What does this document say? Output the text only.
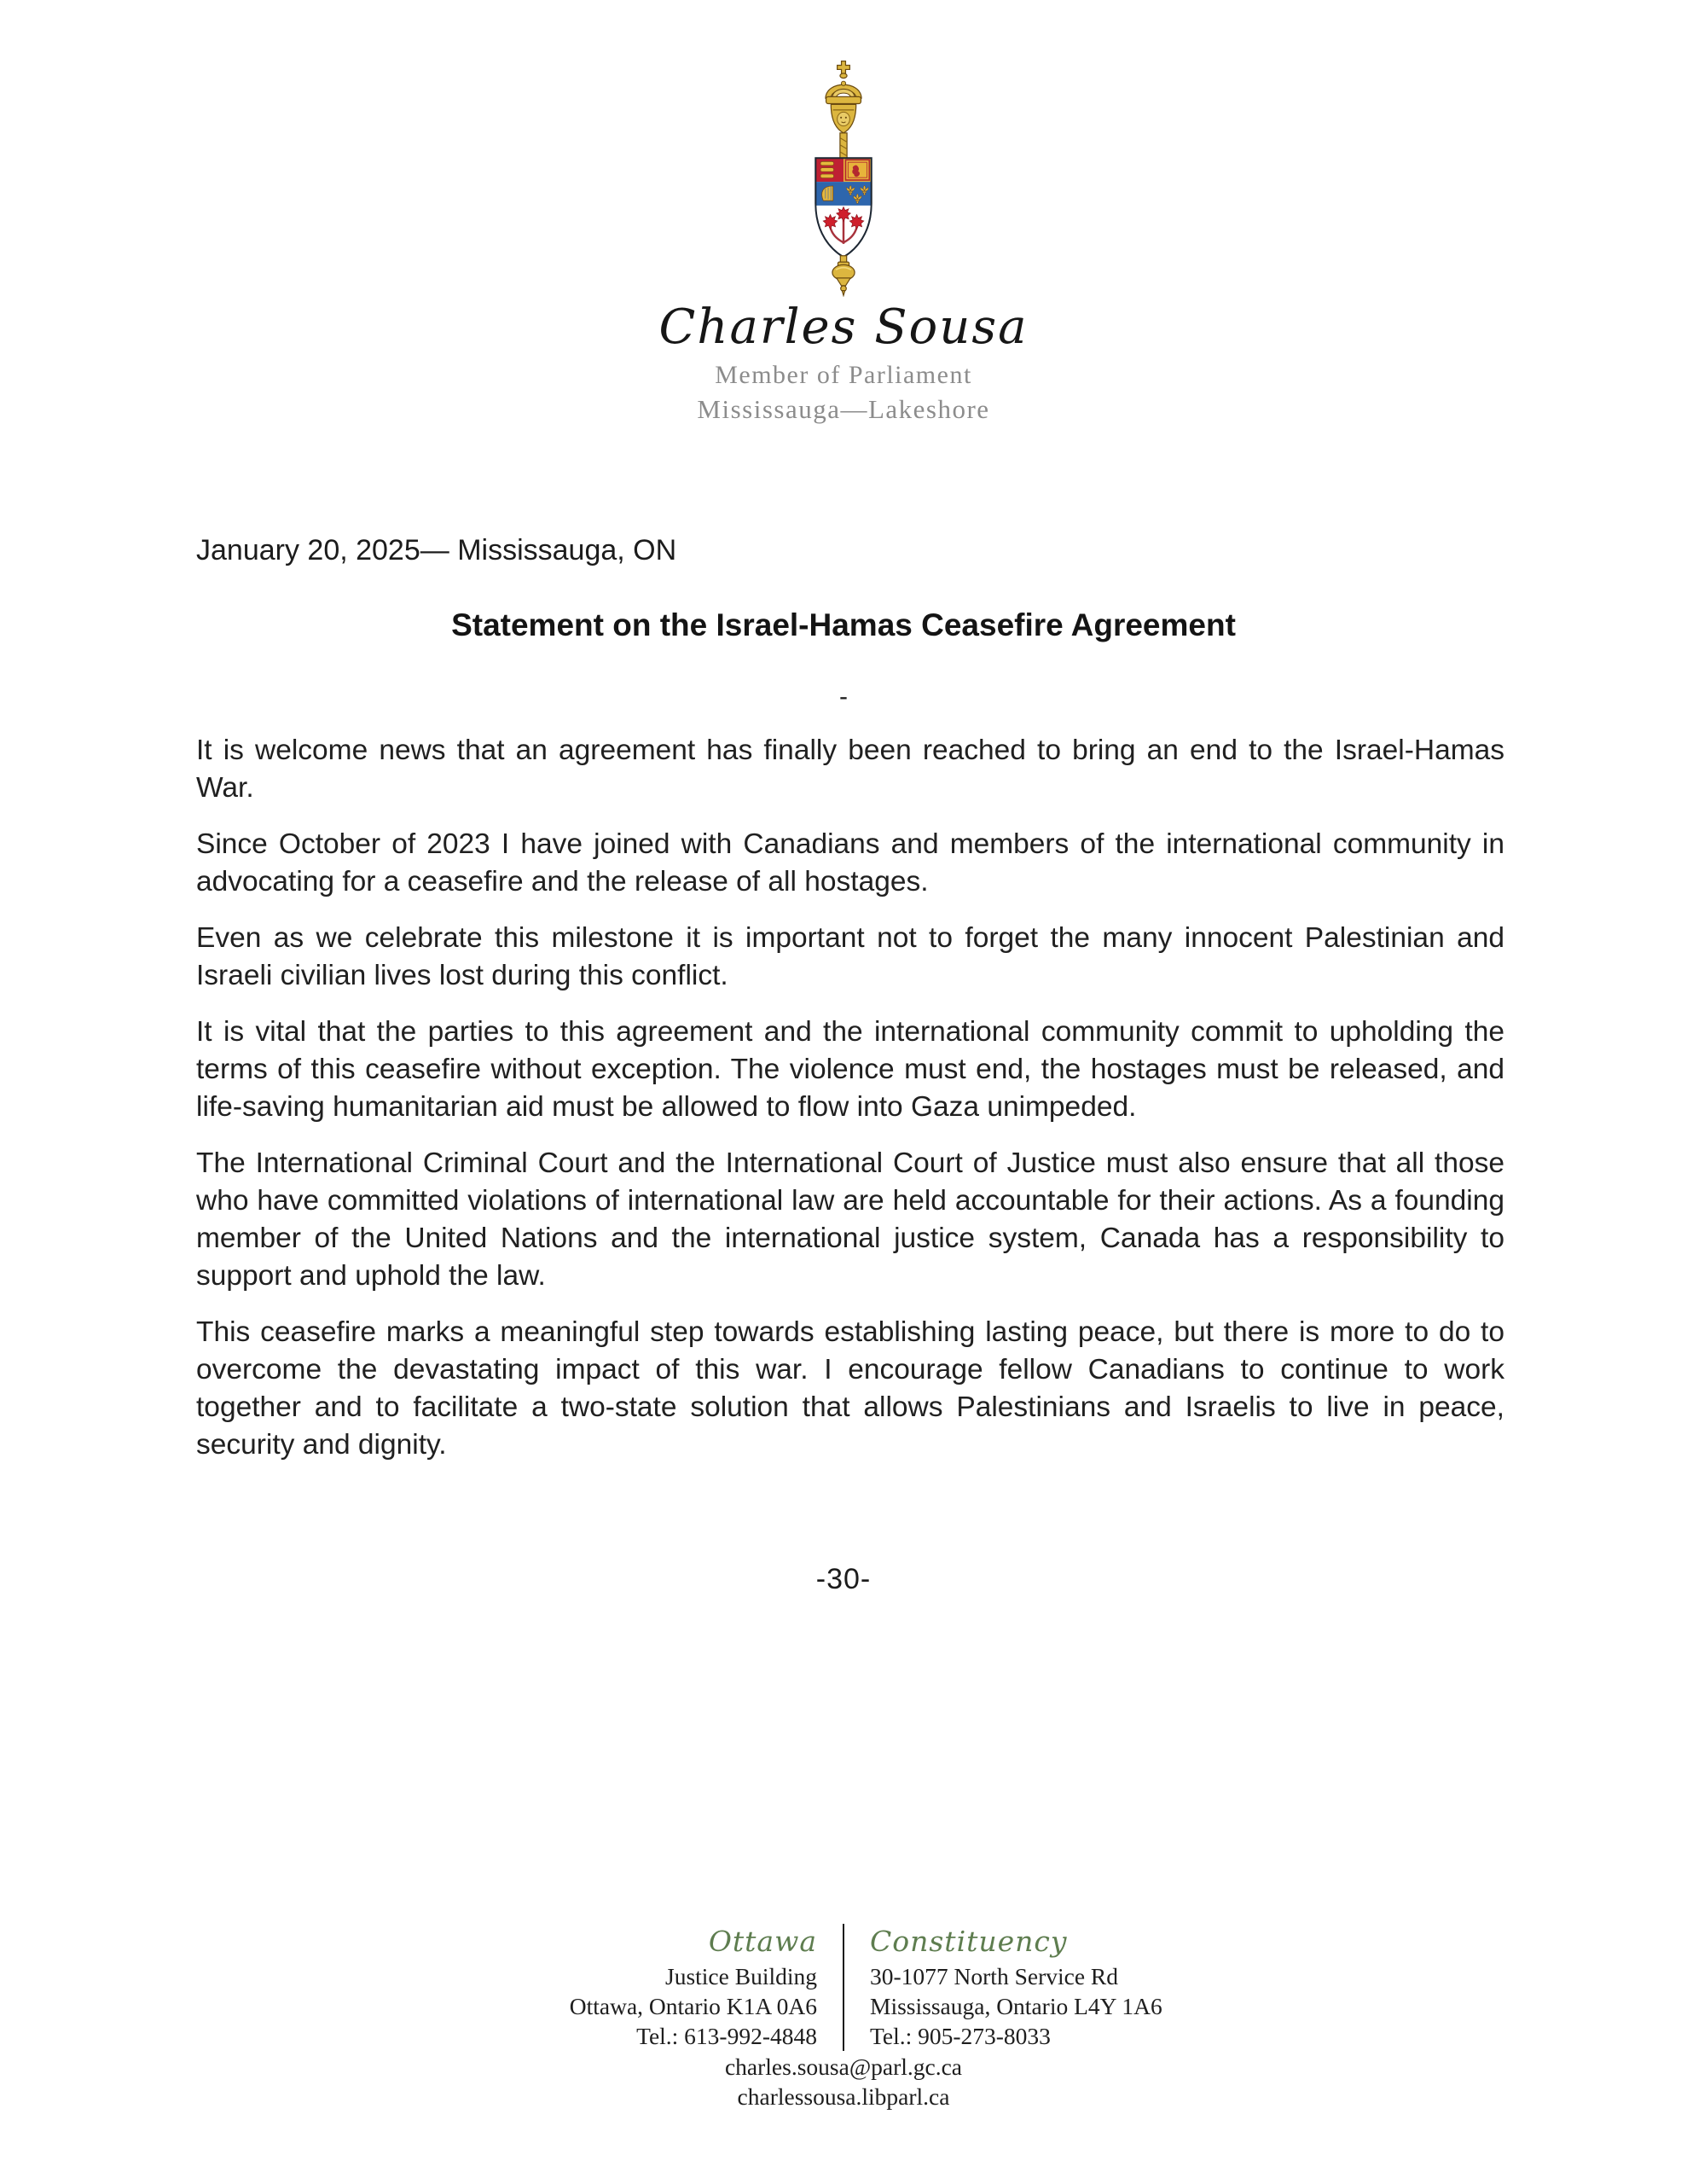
Charles Sousa
Member of Parliament
Mississauga—Lakeshore
January 20, 2025— Mississauga, ON
Statement on the Israel-Hamas Ceasefire Agreement
-

It is welcome news that an agreement has finally been reached to bring an end to the Israel-Hamas War.

Since October of 2023 I have joined with Canadians and members of the international community in advocating for a ceasefire and the release of all hostages.

Even as we celebrate this milestone it is important not to forget the many innocent Palestinian and Israeli civilian lives lost during this conflict.

It is vital that the parties to this agreement and the international community commit to upholding the terms of this ceasefire without exception. The violence must end, the hostages must be released, and life-saving humanitarian aid must be allowed to flow into Gaza unimpeded.

The International Criminal Court and the International Court of Justice must also ensure that all those who have committed violations of international law are held accountable for their actions. As a founding member of the United Nations and the international justice system, Canada has a responsibility to support and uphold the law.

This ceasefire marks a meaningful step towards establishing lasting peace, but there is more to do to overcome the devastating impact of this war. I encourage fellow Canadians to continue to work together and to facilitate a two-state solution that allows Palestinians and Israelis to live in peace, security and dignity.

-30-
Ottawa
Justice Building
Ottawa, Ontario K1A 0A6
Tel.: 613-992-4848
Constituency
30-1077 North Service Rd
Mississauga, Ontario L4Y 1A6
Tel.: 905-273-8033
charles.sousa@parl.gc.ca
charlessousa.libparl.ca
